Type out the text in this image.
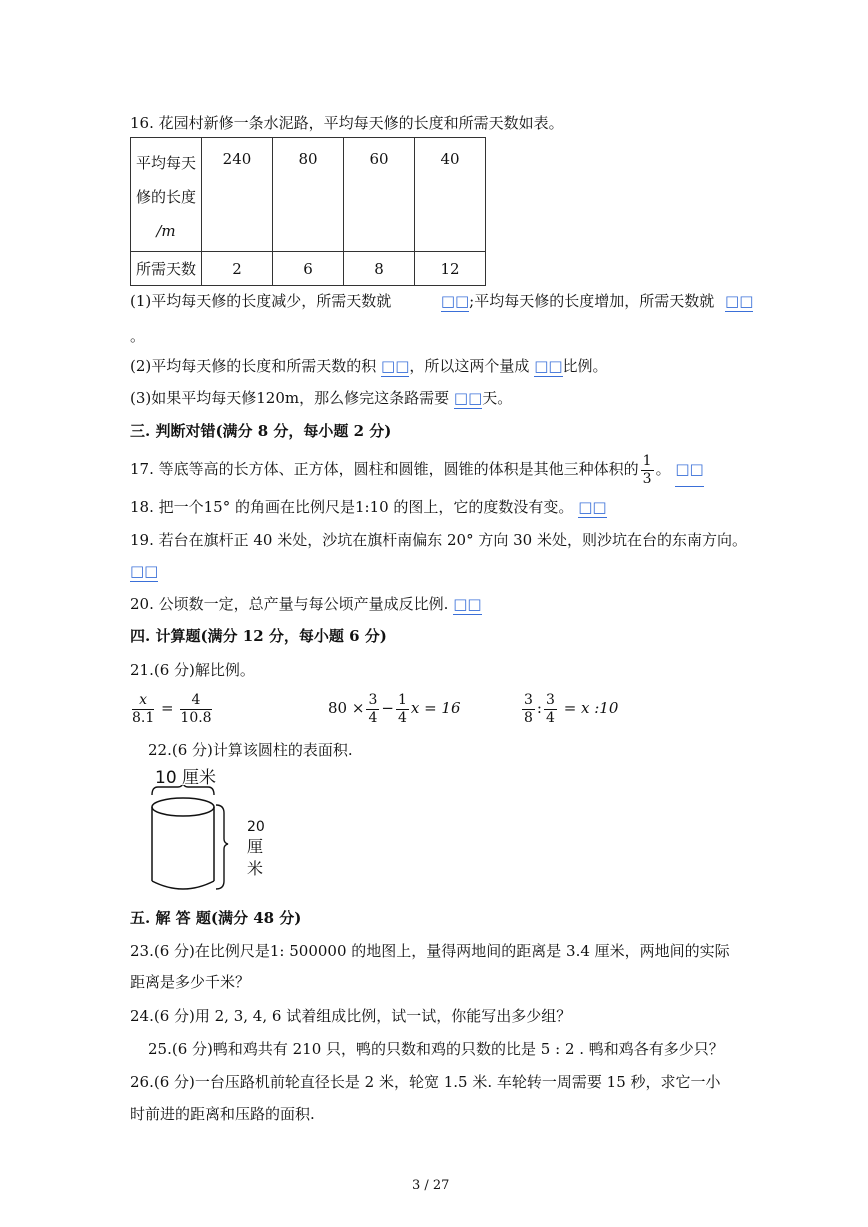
16. 花园村新修一条水泥路，平均每天修的长度和所需天数如表。
平均每天
修的长度
/m	240	80	60	40
所需天数	2	6	8	12
(1)平均每天修的长度减少，所需天数就	□□;平均每天修的长度增加，所需天数就 □□
。
(2)平均每天修的长度和所需天数的积 □□，所以这两个量成 □□比例。
(3)如果平均每天修120m，那么修完这条路需要 □□天。
三. 判断对错(满分 8 分，每小题 2 分)
17. 等底等高的长方体、正方体，圆柱和圆锥，圆锥的体积是其他三种体积的 $\frac{1}{3}$ 。 □□
18. 把一个15° 的角画在比例尺是1:10 的图上，它的度数没有变。 □□
19. 若台在旗杆正 40 米处，沙坑在旗杆南偏东 20° 方向 30 米处，则沙坑在台的东南方向。
□□
20. 公顷数一定，总产量与每公顷产量成反比例. □□
四. 计算题(满分 12 分，每小题 6 分)
21.(6 分)解比例。
$\frac{x}{8.1} = \frac{4}{10.8}$	$80 \times \frac{3}{4} - \frac{1}{4}$ x = 16	$\frac{3}{8}$ : $\frac{3}{4} = x$ :10
22.(6 分)计算该圆柱的表面积.
10 厘米
20
厘
米
五. 解 答 题(满分 48 分)
23.(6 分)在比例尺是1: 500000 的地图上，量得两地间的距离是 3.4 厘米，两地间的实际
距离是多少千米？
24.(6 分)用 2, 3, 4, 6 试着组成比例，试一试，你能写出多少组？
25.(6 分)鸭和鸡共有 210 只，鸭的只数和鸡的只数的比是 5 : 2 . 鸭和鸡各有多少只？
26.(6 分)一台压路机前轮直径长是 2 米，轮宽 1.5 米. 车轮转一周需要 15 秒，求它一小
时前进的距离和压路的面积.
3 / 27
